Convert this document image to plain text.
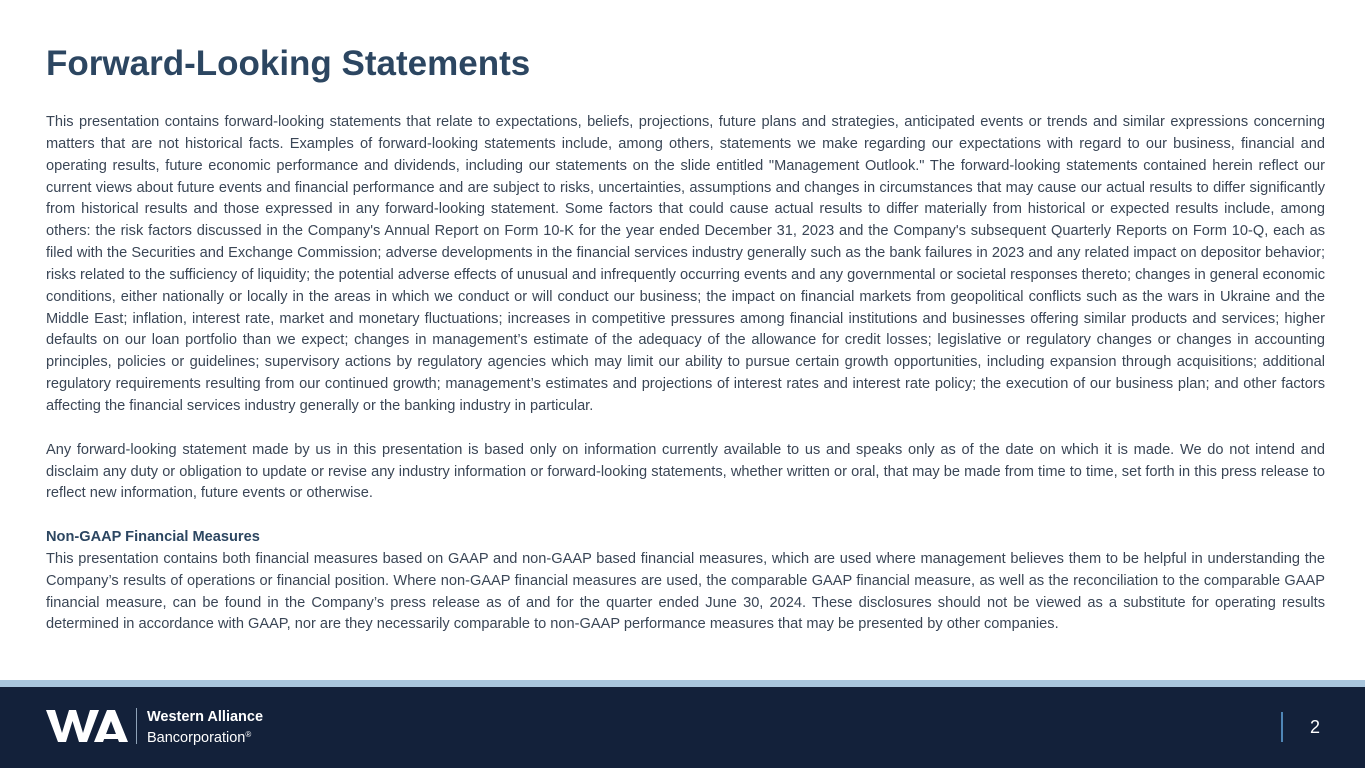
Forward-Looking Statements

This presentation contains forward-looking statements that relate to expectations, beliefs, projections, future plans and strategies, anticipated events or trends and similar expressions concerning matters that are not historical facts. Examples of forward-looking statements include, among others, statements we make regarding our expectations with regard to our business, financial and operating results, future economic performance and dividends, including our statements on the slide entitled "Management Outlook." The forward-looking statements contained herein reflect our current views about future events and financial performance and are subject to risks, uncertainties, assumptions and changes in circumstances that may cause our actual results to differ significantly from historical results and those expressed in any forward-looking statement. Some factors that could cause actual results to differ materially from historical or expected results include, among others: the risk factors discussed in the Company's Annual Report on Form 10-K for the year ended December 31, 2023 and the Company's subsequent Quarterly Reports on Form 10-Q, each as filed with the Securities and Exchange Commission; adverse developments in the financial services industry generally such as the bank failures in 2023 and any related impact on depositor behavior; risks related to the sufficiency of liquidity; the potential adverse effects of unusual and infrequently occurring events and any governmental or societal responses thereto; changes in general economic conditions, either nationally or locally in the areas in which we conduct or will conduct our business; the impact on financial markets from geopolitical conflicts such as the wars in Ukraine and the Middle East; inflation, interest rate, market and monetary fluctuations; increases in competitive pressures among financial institutions and businesses offering similar products and services; higher defaults on our loan portfolio than we expect; changes in management’s estimate of the adequacy of the allowance for credit losses; legislative or regulatory changes or changes in accounting principles, policies or guidelines; supervisory actions by regulatory agencies which may limit our ability to pursue certain growth opportunities, including expansion through acquisitions; additional regulatory requirements resulting from our continued growth; management’s estimates and projections of interest rates and interest rate policy; the execution of our business plan; and other factors affecting the financial services industry generally or the banking industry in particular.

Any forward-looking statement made by us in this presentation is based only on information currently available to us and speaks only as of the date on which it is made. We do not intend and disclaim any duty or obligation to update or revise any industry information or forward-looking statements, whether written or oral, that may be made from time to time, set forth in this press release to reflect new information, future events or otherwise.

Non-GAAP Financial Measures

This presentation contains both financial measures based on GAAP and non-GAAP based financial measures, which are used where management believes them to be helpful in understanding the Company’s results of operations or financial position. Where non-GAAP financial measures are used, the comparable GAAP financial measure, as well as the reconciliation to the comparable GAAP financial measure, can be found in the Company’s press release as of and for the quarter ended June 30, 2024. These disclosures should not be viewed as a substitute for operating results determined in accordance with GAAP, nor are they necessarily comparable to non-GAAP performance measures that may be presented by other companies.

Western Alliance
Bancorporation®	2
